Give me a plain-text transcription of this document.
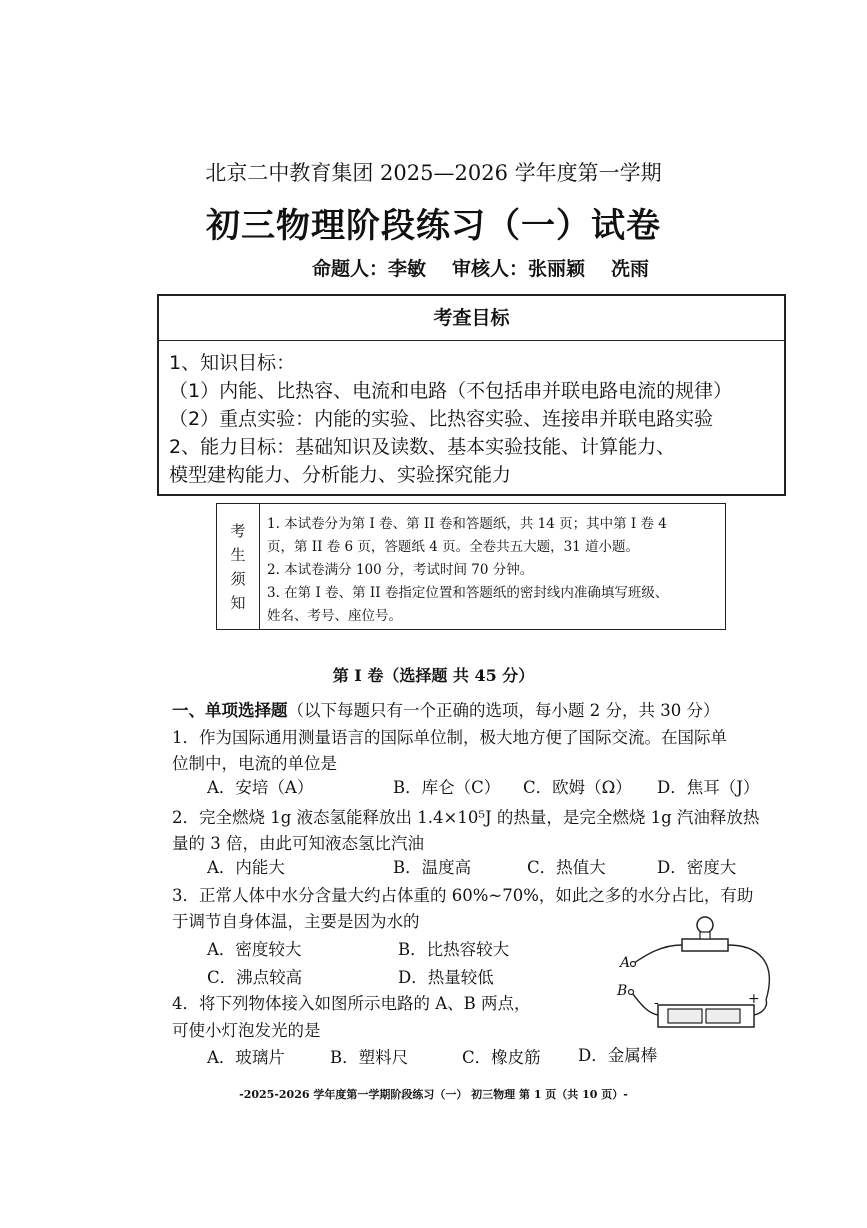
北京二中教育集团 2025—2026 学年度第一学期
初三物理阶段练习（一）试卷
命题人：李敏 审核人：张丽颖 冼雨
考查目标
1、知识目标：
（1）内能、比热容、电流和电路（不包括串并联电路电流的规律）
（2）重点实验：内能的实验、比热容实验、连接串并联电路实验
2、能力目标：基础知识及读数、基本实验技能、计算能力、
模型建构能力、分析能力、实验探究能力
考
生
须
知
1. 本试卷分为第 I 卷、第 II 卷和答题纸，共 14 页；其中第 I 卷 4
页，第 II 卷 6 页，答题纸 4 页。全卷共五大题，31 道小题。
2. 本试卷满分 100 分，考试时间 70 分钟。
3. 在第 I 卷、第 II 卷指定位置和答题纸的密封线内准确填写班级、
姓名、考号、座位号。
第 I 卷（选择题 共 45 分）
一、单项选择题（以下每题只有一个正确的选项，每小题 2 分，共 30 分）
1．作为国际通用测量语言的国际单位制，极大地方便了国际交流。在国际单
位制中，电流的单位是
A．安培（A）	B．库仑（C） C．欧姆（Ω） D．焦耳（J）
2．完全燃烧 1g 液态氢能释放出 1.4×10⁵J 的热量，是完全燃烧 1g 汽油释放热
量的 3 倍，由此可知液态氢比汽油
A．内能大	B．温度高	C．热值大	D．密度大
3．正常人体中水分含量大约占体重的 60%~70%，如此之多的水分占比，有助
于调节自身体温，主要是因为水的
A．密度较大	B．比热容较大
C．沸点较高	D．热量较低
4．将下列物体接入如图所示电路的 A、B 两点，
可使小灯泡发光的是
A．玻璃片	B．塑料尺	C．橡皮筋 D．金属棒
A
B
-	+
-2025-2026 学年度第一学期阶段练习（一） 初三物理 第 1 页（共 10 页）-
